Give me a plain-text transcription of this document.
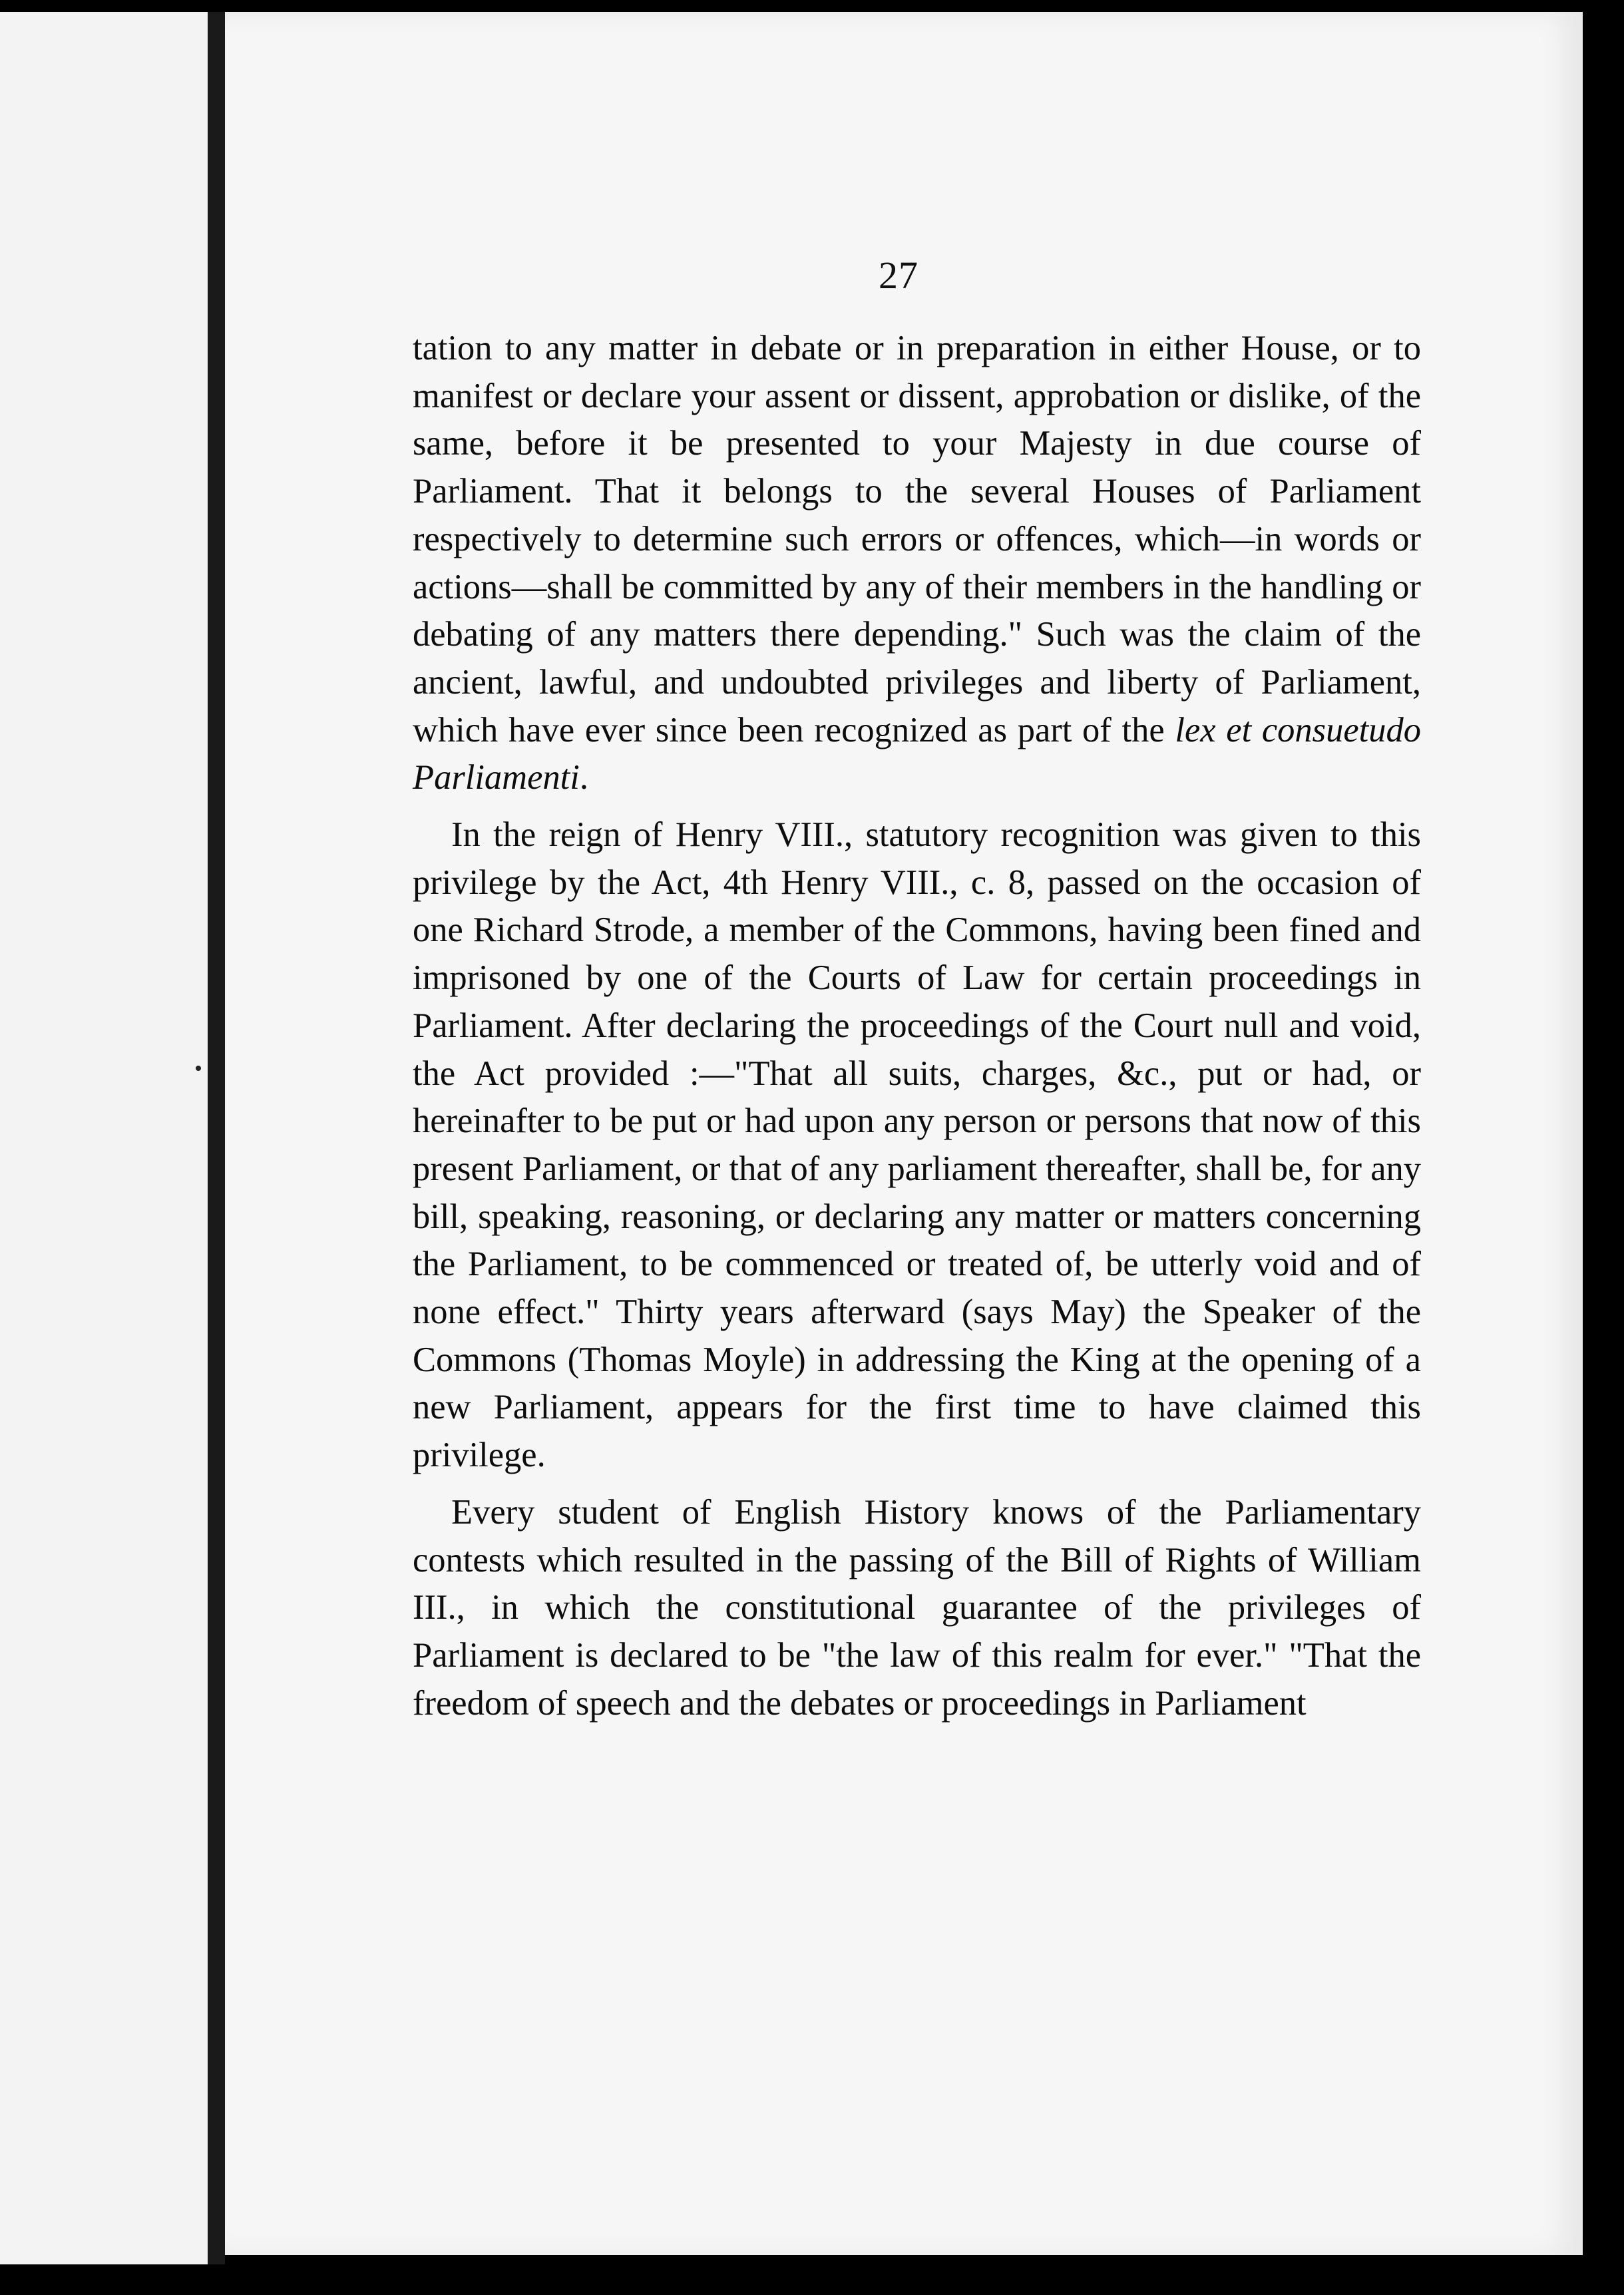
27

tation to any matter in debate or in preparation in either House, or to manifest or declare your assent or dissent, approbation or dislike, of the same, before it be presented to your Majesty in due course of Parliament. That it belongs to the several Houses of Parliament respectively to determine such errors or offences, which—in words or actions—shall be committed by any of their members in the handling or debating of any matters there depending." Such was the claim of the ancient, lawful, and undoubted privileges and liberty of Parliament, which have ever since been recognized as part of the lex et consuetudo Parliamenti.

In the reign of Henry VIII., statutory recognition was given to this privilege by the Act, 4th Henry VIII., c. 8, passed on the occasion of one Richard Strode, a member of the Commons, having been fined and imprisoned by one of the Courts of Law for certain proceedings in Parliament. After declaring the proceedings of the Court null and void, the Act provided :—"That all suits, charges, &c., put or had, or hereinafter to be put or had upon any person or persons that now of this present Parliament, or that of any parliament thereafter, shall be, for any bill, speaking, reasoning, or declaring any matter or matters concerning the Parliament, to be commenced or treated of, be utterly void and of none effect." Thirty years afterward (says May) the Speaker of the Commons (Thomas Moyle) in addressing the King at the opening of a new Parliament, appears for the first time to have claimed this privilege.

Every student of English History knows of the Parliamentary contests which resulted in the passing of the Bill of Rights of William III., in which the constitutional guarantee of the privileges of Parliament is declared to be "the law of this realm for ever." "That the freedom of speech and the debates or proceedings in Parliament
